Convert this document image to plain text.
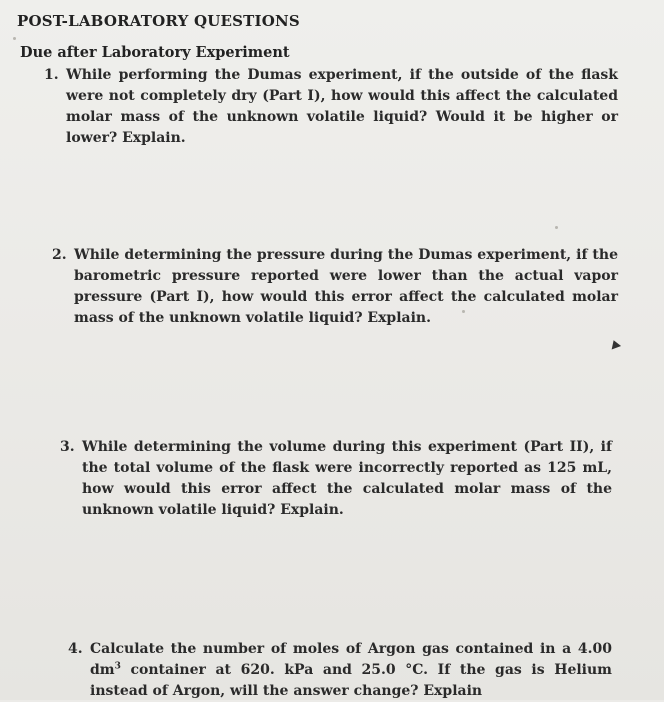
POST-LABORATORY QUESTIONS
Due after Laboratory Experiment
1. While performing the Dumas experiment, if the outside of the flask were not completely dry (Part I), how would this affect the calculated molar mass of the unknown volatile liquid? Would it be higher or lower? Explain.
2. While determining the pressure during the Dumas experiment, if the barometric pressure reported were lower than the actual vapor pressure (Part I), how would this error affect the calculated molar mass of the unknown volatile liquid? Explain.
3. While determining the volume during this experiment (Part II), if the total volume of the flask were incorrectly reported as 125 mL, how would this error affect the calculated molar mass of the unknown volatile liquid? Explain.
4. Calculate the number of moles of Argon gas contained in a 4.00 $dm^3$ container at 620. kPa and 25.0 °C. If the gas is Helium instead of Argon, will the answer change? Explain
